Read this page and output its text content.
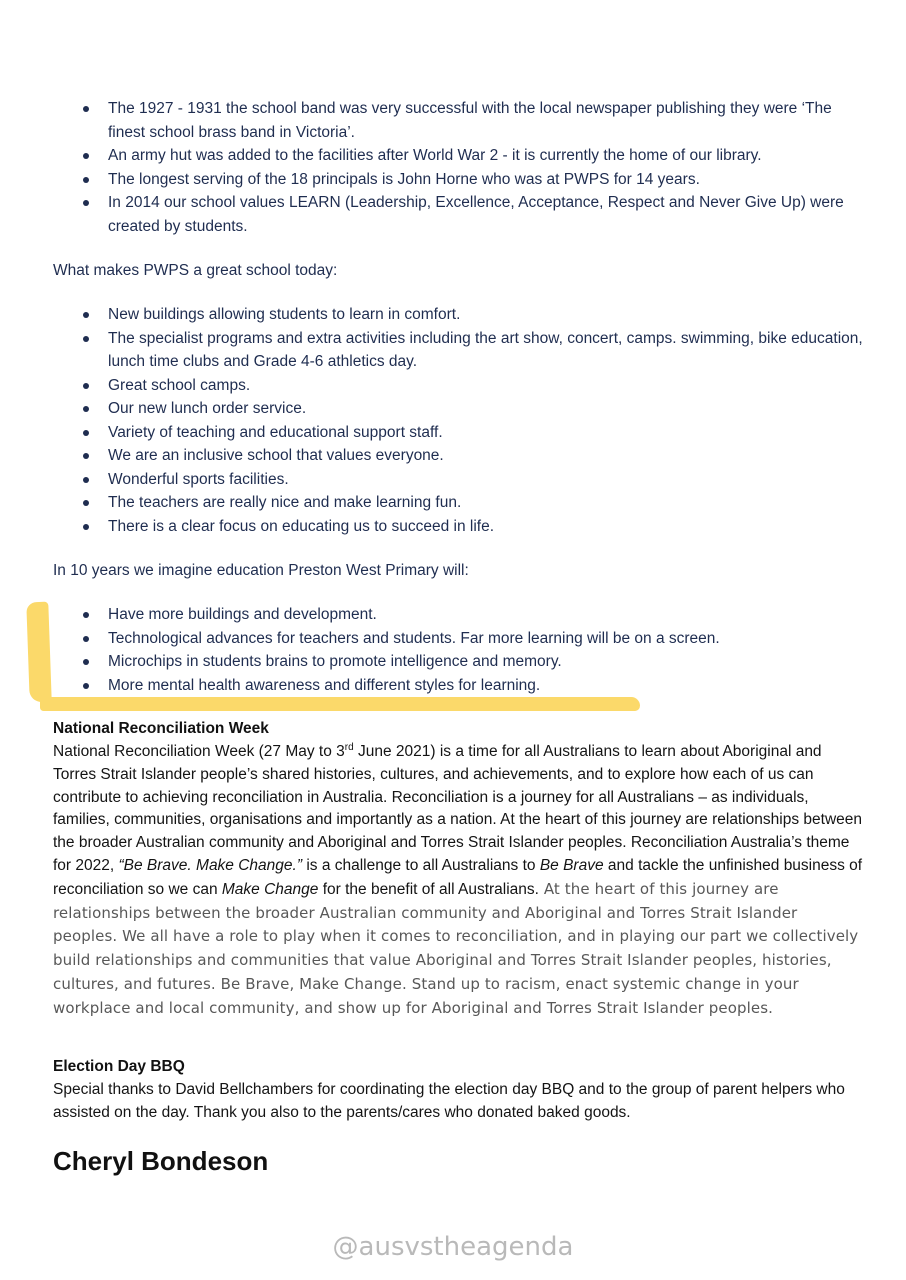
The 1927 - 1931 the school band was very successful with the local newspaper publishing they were ‘The finest school brass band in Victoria’.
An army hut was added to the facilities after World War 2 - it is currently the home of our library.
The longest serving of the 18 principals is John Horne who was at PWPS for 14 years.
In 2014 our school values LEARN (Leadership, Excellence, Acceptance, Respect and Never Give Up) were created by students.
What makes PWPS a great school today:
New buildings allowing students to learn in comfort.
The specialist programs and extra activities including the art show, concert, camps. swimming, bike education, lunch time clubs and Grade 4-6 athletics day.
Great school camps.
Our new lunch order service.
Variety of teaching and educational support staff.
We are an inclusive school that values everyone.
Wonderful sports facilities.
The teachers are really nice and make learning fun.
There is a clear focus on educating us to succeed in life.
In 10 years we imagine education Preston West Primary will:
Have more buildings and development.
Technological advances for teachers and students. Far more learning will be on a screen.
Microchips in students brains to promote intelligence and memory.
More mental health awareness and different styles for learning.
National Reconciliation Week
National Reconciliation Week (27 May to 3rd June 2021) is a time for all Australians to learn about Aboriginal and Torres Strait Islander people’s shared histories, cultures, and achievements, and to explore how each of us can contribute to achieving reconciliation in Australia. Reconciliation is a journey for all Australians – as individuals, families, communities, organisations and importantly as a nation. At the heart of this journey are relationships between the broader Australian community and Aboriginal and Torres Strait Islander peoples. Reconciliation Australia’s theme for 2022, “Be Brave. Make Change.” is a challenge to all Australians to Be Brave and tackle the unfinished business of reconciliation so we can Make Change for the benefit of all Australians. At the heart of this journey are relationships between the broader Australian community and Aboriginal and Torres Strait Islander peoples. We all have a role to play when it comes to reconciliation, and in playing our part we collectively build relationships and communities that value Aboriginal and Torres Strait Islander peoples, histories, cultures, and futures. Be Brave, Make Change. Stand up to racism, enact systemic change in your workplace and local community, and show up for Aboriginal and Torres Strait Islander peoples.
Election Day BBQ
Special thanks to David Bellchambers for coordinating the election day BBQ and to the group of parent helpers who assisted on the day. Thank you also to the parents/cares who donated baked goods.
Cheryl Bondeson
@ausvstheagenda
